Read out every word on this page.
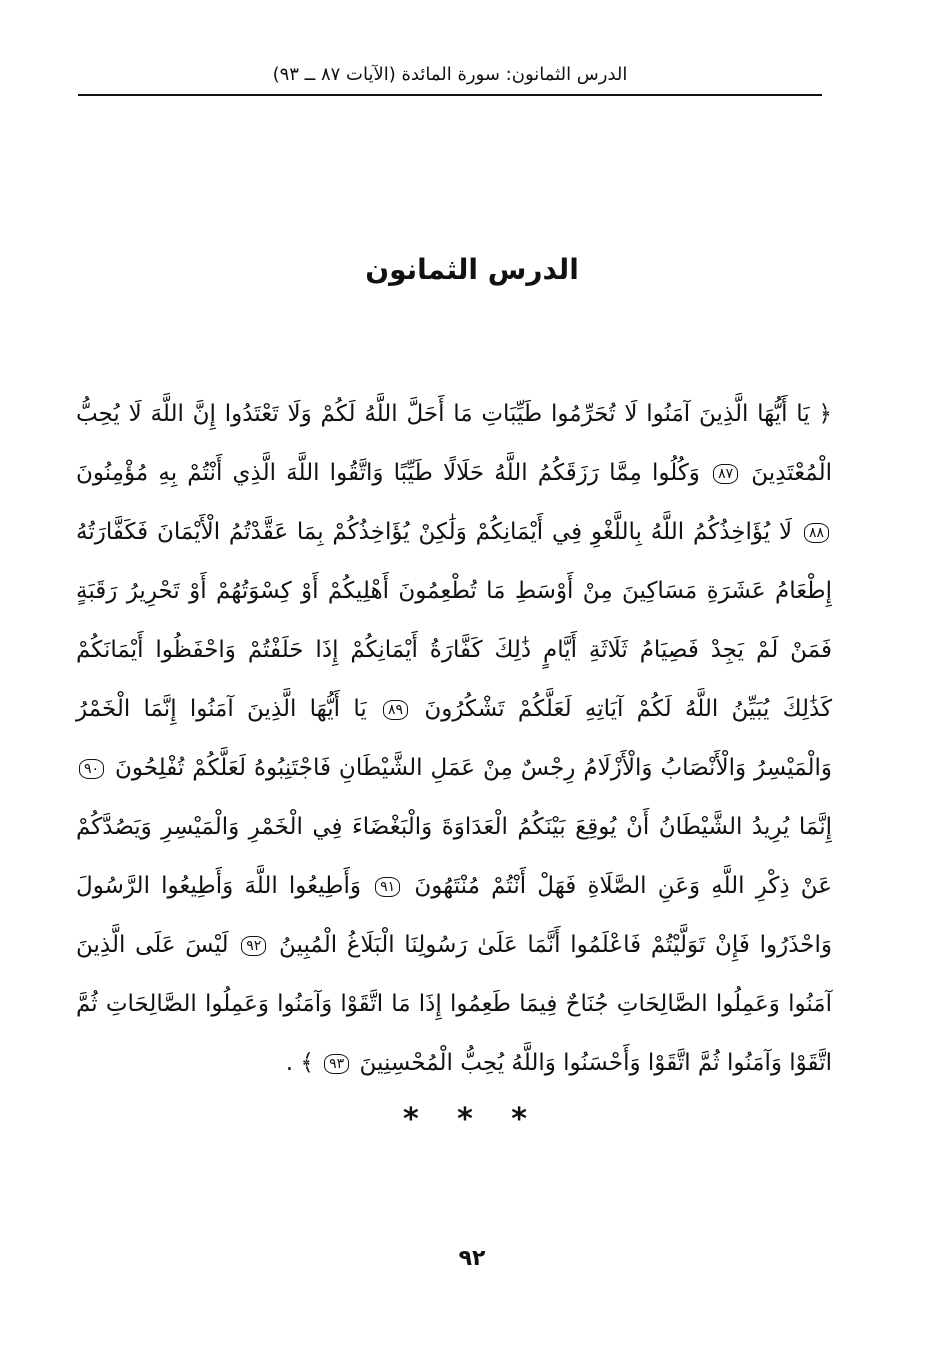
الدرس الثمانون: سورة المائدة (الآيات ٨٧ ــ ٩٣)
الدرس الثمانون
﴿ يَا أَيُّهَا الَّذِينَ آمَنُوا لَا تُحَرِّمُوا طَيِّبَاتِ مَا أَحَلَّ اللَّهُ لَكُمْ وَلَا تَعْتَدُوا إِنَّ اللَّهَ لَا يُحِبُّ الْمُعْتَدِينَ ٨٧ وَكُلُوا مِمَّا رَزَقَكُمُ اللَّهُ حَلَالًا طَيِّبًا وَاتَّقُوا اللَّهَ الَّذِي أَنْتُمْ بِهِ مُؤْمِنُونَ ٨٨ لَا يُؤَاخِذُكُمُ اللَّهُ بِاللَّغْوِ فِي أَيْمَانِكُمْ وَلَٰكِنْ يُؤَاخِذُكُمْ بِمَا عَقَّدْتُمُ الْأَيْمَانَ فَكَفَّارَتُهُ إِطْعَامُ عَشَرَةِ مَسَاكِينَ مِنْ أَوْسَطِ مَا تُطْعِمُونَ أَهْلِيكُمْ أَوْ كِسْوَتُهُمْ أَوْ تَحْرِيرُ رَقَبَةٍ فَمَنْ لَمْ يَجِدْ فَصِيَامُ ثَلَاثَةِ أَيَّامٍ ذَٰلِكَ كَفَّارَةُ أَيْمَانِكُمْ إِذَا حَلَفْتُمْ وَاحْفَظُوا أَيْمَانَكُمْ كَذَٰلِكَ يُبَيِّنُ اللَّهُ لَكُمْ آيَاتِهِ لَعَلَّكُمْ تَشْكُرُونَ ٨٩ يَا أَيُّهَا الَّذِينَ آمَنُوا إِنَّمَا الْخَمْرُ وَالْمَيْسِرُ وَالْأَنْصَابُ وَالْأَزْلَامُ رِجْسٌ مِنْ عَمَلِ الشَّيْطَانِ فَاجْتَنِبُوهُ لَعَلَّكُمْ تُفْلِحُونَ ٩٠ إِنَّمَا يُرِيدُ الشَّيْطَانُ أَنْ يُوقِعَ بَيْنَكُمُ الْعَدَاوَةَ وَالْبَغْضَاءَ فِي الْخَمْرِ وَالْمَيْسِرِ وَيَصُدَّكُمْ عَنْ ذِكْرِ اللَّهِ وَعَنِ الصَّلَاةِ فَهَلْ أَنْتُمْ مُنْتَهُونَ ٩١ وَأَطِيعُوا اللَّهَ وَأَطِيعُوا الرَّسُولَ وَاحْذَرُوا فَإِنْ تَوَلَّيْتُمْ فَاعْلَمُوا أَنَّمَا عَلَىٰ رَسُولِنَا الْبَلَاغُ الْمُبِينُ ٩٢ لَيْسَ عَلَى الَّذِينَ آمَنُوا وَعَمِلُوا الصَّالِحَاتِ جُنَاحٌ فِيمَا طَعِمُوا إِذَا مَا اتَّقَوْا وَآمَنُوا وَعَمِلُوا الصَّالِحَاتِ ثُمَّ اتَّقَوْا وَآمَنُوا ثُمَّ اتَّقَوْا وَأَحْسَنُوا وَاللَّهُ يُحِبُّ الْمُحْسِنِينَ ٩٣ ﴾ .
* * *
٩٢
